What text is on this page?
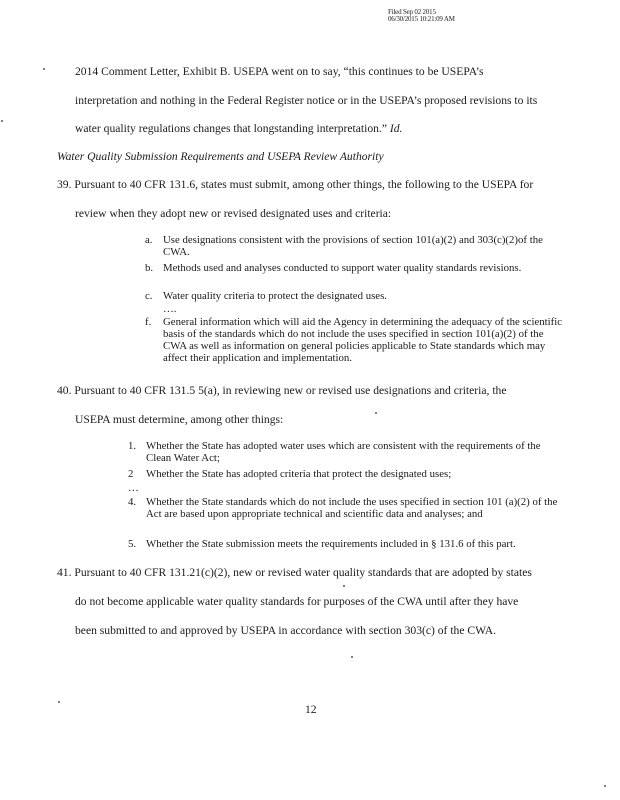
Filed Sep 02 2015
06/30/2015 10:21:09 AM
2014 Comment Letter, Exhibit B. USEPA went on to say, “this continues to be USEPA’s
interpretation and nothing in the Federal Register notice or in the USEPA’s proposed revisions to its
water quality regulations changes that longstanding interpretation.” Id.
Water Quality Submission Requirements and USEPA Review Authority
39. Pursuant to 40 CFR 131.6, states must submit, among other things, the following to the USEPA for
review when they adopt new or revised designated uses and criteria:
a. Use designations consistent with the provisions of section 101(a)(2) and 303(c)(2)of the CWA.
b. Methods used and analyses conducted to support water quality standards revisions.
c. Water quality criteria to protect the designated uses.
….
f. General information which will aid the Agency in determining the adequacy of the scientific basis of the standards which do not include the uses specified in section 101(a)(2) of the CWA as well as information on general policies applicable to State standards which may affect their application and implementation.
40. Pursuant to 40 CFR 131.5 5(a), in reviewing new or revised use designations and criteria, the
USEPA must determine, among other things:
1. Whether the State has adopted water uses which are consistent with the requirements of the Clean Water Act;
2 Whether the State has adopted criteria that protect the designated uses;
…
4. Whether the State standards which do not include the uses specified in section 101 (a)(2) of the Act are based upon appropriate technical and scientific data and analyses; and
5. Whether the State submission meets the requirements included in § 131.6 of this part.
41. Pursuant to 40 CFR 131.21(c)(2), new or revised water quality standards that are adopted by states
do not become applicable water quality standards for purposes of the CWA until after they have
been submitted to and approved by USEPA in accordance with section 303(c) of the CWA.
12
